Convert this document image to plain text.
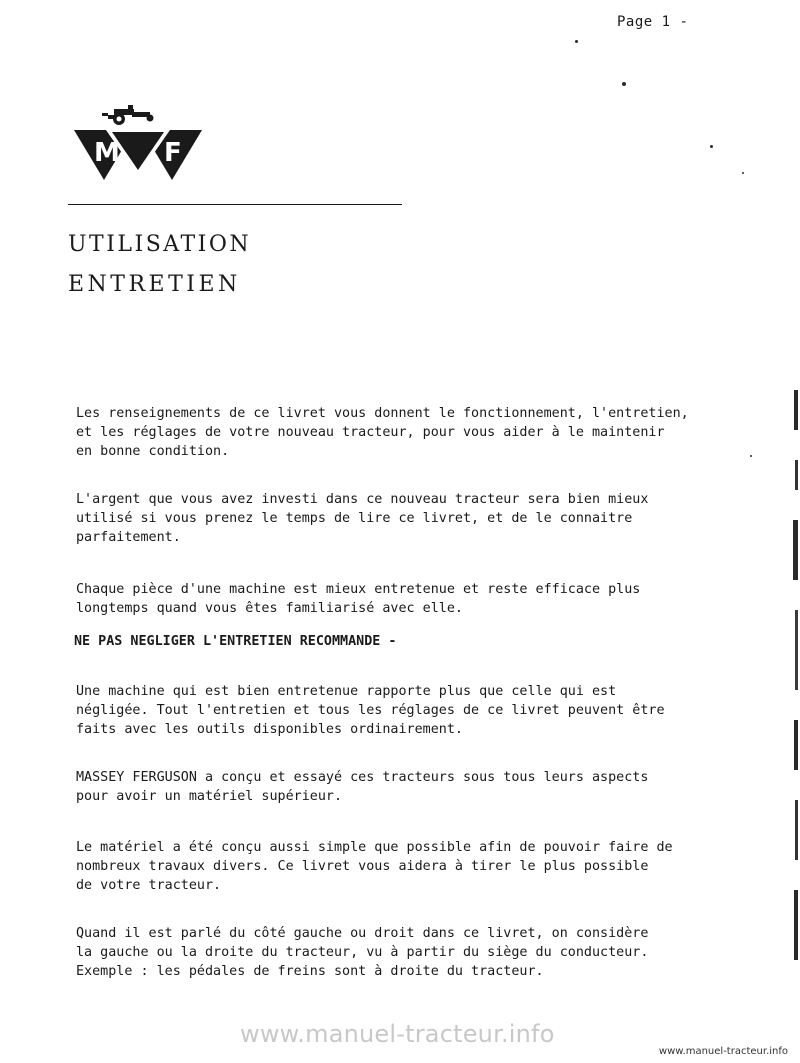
Page 1 -
M F
UTILISATION
ENTRETIEN

Les renseignements de ce livret vous donnent le fonctionnement, l'entretien,
et les réglages de votre nouveau tracteur, pour vous aider à le maintenir
en bonne condition.

L'argent que vous avez investi dans ce nouveau tracteur sera bien mieux
utilisé si vous prenez le temps de lire ce livret, et de le connaitre
parfaitement.

Chaque pièce d'une machine est mieux entretenue et reste efficace plus
longtemps quand vous êtes familiarisé avec elle.

NE PAS NEGLIGER L'ENTRETIEN RECOMMANDE -

Une machine qui est bien entretenue rapporte plus que celle qui est
négligée. Tout l'entretien et tous les réglages de ce livret peuvent être
faits avec les outils disponibles ordinairement.

MASSEY FERGUSON a conçu et essayé ces tracteurs sous tous leurs aspects
pour avoir un matériel supérieur.

Le matériel a été conçu aussi simple que possible afin de pouvoir faire de
nombreux travaux divers. Ce livret vous aidera à tirer le plus possible
de votre tracteur.

Quand il est parlé du côté gauche ou droit dans ce livret, on considère
la gauche ou la droite du tracteur, vu à partir du siège du conducteur.
Exemple : les pédales de freins sont à droite du tracteur.

www.manuel-tracteur.info
www.manuel-tracteur.info
